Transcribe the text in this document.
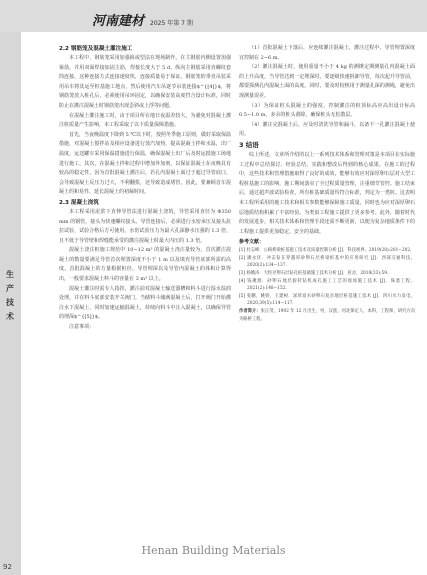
河南建材 2025 年第 7 期
生产技术
92

2.2 钢筋笼及混凝土灌注施工

本工程中，钢筋笼采用加强箍或型法在现场制作。在主钢筋内侧设置加强箍筋，并用双面焊接加固主筋，焊接长度大于 5 d。纵向主钢筋采用直螺纹套筒连接，这种连接方式连接速度快，连接质量易于保证。钢筋笼的垂直吊装采用吊车将其运至桩基施工地点，然后使用汽车吊逐节吊装连接$^{[4]}$，将钢筋笼放入桩孔后，必须使用吊环固定，以确保安装高度符合设计标准，同时防止在灌注混凝土时钢筋笼出现歪斜或上浮等问题。

在混凝土灌注施工时，由于项目所在地日夜温差较大，为避免对混凝土灌注桩质量产生影响，本工程采取了以下质量保障措施。

首先，当夜晚温度下降到 5 ℃以下时，按照冬季施工原则，做好采取保温措施，对混凝土搅拌站及相应设备进行蒸汽加热，提高混凝土拌和水温，出厂温度。运送罐车采用保温措施进行保温，确保混凝土出厂后及时运抵施工场地进行施工。其次，在混凝土拌和过程中增加外加剂，以保证混凝土在夜晚具有较高的稳定性，因为首批混凝土灌注后，若孔内混凝土面过于超过导管底口，会导致混凝土反压力过大，不利翻浆，还导致造成堵管，因此，要兼顾首车混凝土的和易性、延长混凝土的初凝时间。

2.3 混凝土浇筑

本工程采用泥浆下直伸导管法进行混凝土浇筑，导管采用直径为 Φ350 mm 的钢管，接头为快速螺纹接头。导管连接后，必须进行水密承压及接头抗拉试验，试验合格后方可使用。水密试验压力为最大孔深静水压强的 1.3 倍，且不低于导管壁和焊缝能承受的灌注混凝土时最大内压的 1.3 倍。

混凝土浇注桩施工规范中 10−12 m³ 的混凝土浇注量较为，首次灌注混凝土的数量要满足导管首次埋置深度不小于 1 m 以及填充导管底部所需的高度。首批混凝土的方量根据桩径、导管埋深以及导管内混凝土的体积计算得出，一般要求混凝土料斗的容量在 3 m³ 以上。

混凝土灌注时需专人指挥，灌注前对混凝土输送溜槽和料斗进行湿水湿润处理，并在料斗底部安装开关阀门。当储料斗储满混凝土后，打开阀门开始灌注水下混凝土，同时加速运输混凝土，持续向料斗中注入混凝土，以确保导管的埋深$^{[5]}$。

注意事项：

（1）首批混凝土下落后，应连续灌注混凝土，灌注过程中，导管埋置深度宜控制在 2−6 m。

（2）灌注混凝土时，使用重量不小于 4 kg 的测锤定期测量孔内混凝土面的上升高度，当导管达到一定埋深时，要逐级快速拆卸导管，每次起升导管前，都要探测孔内混凝土面的高度。同时，要及时校核用于测量孔深的测绳，避免出现测量误差。

（3）为保证桩头混凝土的强度，控制灌注的桩顶标高应高出设计标高 0.5−1.0 m，多余的桩头凿除，确保桩头无松散层。

（4）灌注完混凝土后，应及时清洗导管和漏斗，以备下一孔灌注混凝土使用。

3 结语

综上所述，文章所介绍的以上一系列技术体系和管理对策是本项目在实际施工过程中总结探讨、经验总结、实践和整改后得到的核心成果。在施工的过程中，这些技术和管理措施取得了良好的成效，能够有效应对深厚卵石层对大型工程桩基施工的影响，施工期间落实了全过程质量管理，注重细节管控。施工结束后，通过超声波试验检查，所有桩基础质量均符合标准，判定为一类桩。这表明本工程所采用的施工技术和相关参数能够保障施工质量，同时也为应对深厚卵石层地质结构积累了丰富经验。为类似工程施工提供了更多参考。此外，随着时代的发展进步，相关技术体系和管理手段还需不断更新，以便为复杂地质条件下的工程施工提供更加稳定、安全的基础。

参考文献：

[1] 杜志峰．公路桥梁桩基施工技术及质量控制分析 [J]．科技视界，2019(28):201−202.

[2] 潘永洋．冲击钻在穿越厚砂卵石层桥梁桩基中的应用研究 [J]．西部交通科技，2020(2):134−137.

[3] 杨娥涛．大粒径卵石层钻孔桩基础施工技术分析 [J]．居舍，2018(33):59.

[4] 钱聚源．砂卵石地层旋转钻机成孔施工工艺的现场施工技术 [J]．珠塞工程，2021(2):148−152.

[5] 张鹏，姚娇，王建树．深厚富水砂卵石复杂地层桩基施工技术 [J]．四川水力发电，2020,39(5):114−117.

作者简介：张正茂，1992 年 12 月出生，男，汉族，河北保定人，本科，工程师，研究方向为路桥工程。

Henan Building Materials
